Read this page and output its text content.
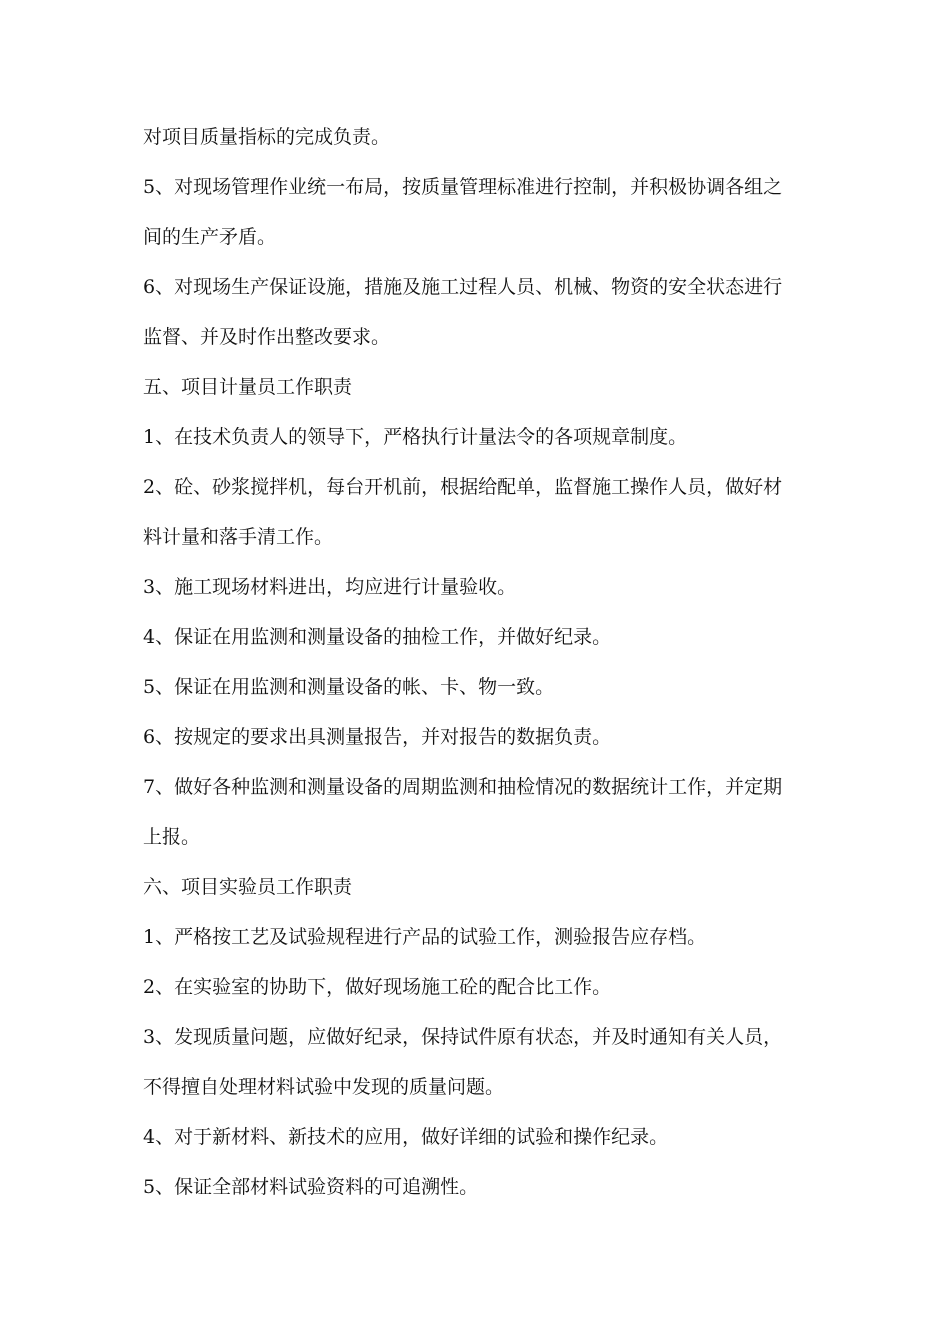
对项目质量指标的完成负责。

5、对现场管理作业统一布局，按质量管理标准进行控制，并积极协调各组之

间的生产矛盾。

6、对现场生产保证设施，措施及施工过程人员、机械、物资的安全状态进行

监督、并及时作出整改要求。

五、项目计量员工作职责

1、在技术负责人的领导下，严格执行计量法令的各项规章制度。

2、砼、砂浆搅拌机，每台开机前，根据给配单，监督施工操作人员，做好材

料计量和落手清工作。

3、施工现场材料进出，均应进行计量验收。

4、保证在用监测和测量设备的抽检工作，并做好纪录。

5、保证在用监测和测量设备的帐、卡、物一致。

6、按规定的要求出具测量报告，并对报告的数据负责。

7、做好各种监测和测量设备的周期监测和抽检情况的数据统计工作，并定期

上报。

六、项目实验员工作职责

1、严格按工艺及试验规程进行产品的试验工作，测验报告应存档。

2、在实验室的协助下，做好现场施工砼的配合比工作。

3、发现质量问题，应做好纪录，保持试件原有状态，并及时通知有关人员，

不得擅自处理材料试验中发现的质量问题。

4、对于新材料、新技术的应用，做好详细的试验和操作纪录。

5、保证全部材料试验资料的可追溯性。
